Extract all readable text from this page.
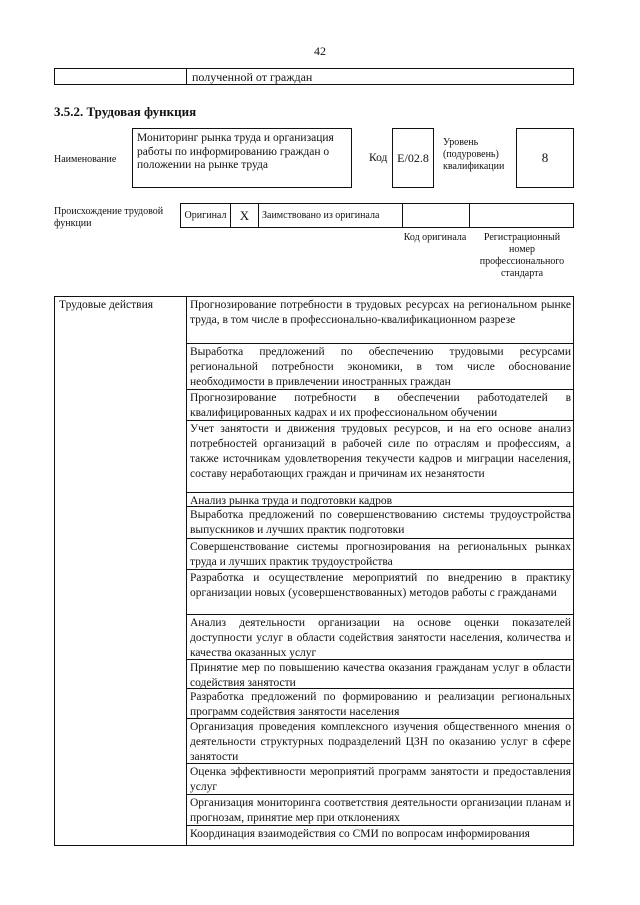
42
полученной от граждан
3.5.2. Трудовая функция
Наименование
Мониторинг рынка труда и организация работы по информированию граждан о положении на рынке труда
Код E/02.8
Уровень (подуровень) квалификации
8
Происхождение трудовой функции
Оригинал X Заимствовано из оригинала
Код оригинала	Регистрационный номер профессионального стандарта
Трудовые действия	Прогнозирование потребности в трудовых ресурсах на региональном рынке труда, в том числе в профессионально-квалификационном разрезе
Выработка предложений по обеспечению трудовыми ресурсами региональной потребности экономики, в том числе обоснование необходимости в привлечении иностранных граждан
Прогнозирование потребности в обеспечении работодателей в квалифицированных кадрах и их профессиональном обучении
Учет занятости и движения трудовых ресурсов, и на его основе анализ потребностей организаций в рабочей силе по отраслям и профессиям, а также источникам удовлетворения текучести кадров и миграции населения, составу неработающих граждан и причинам их незанятости
Анализ рынка труда и подготовки кадров
Выработка предложений по совершенствованию системы трудоустройства выпускников и лучших практик подготовки
Совершенствование системы прогнозирования на региональных рынках труда и лучших практик трудоустройства
Разработка и осуществление мероприятий по внедрению в практику организации новых (усовершенствованных) методов работы с гражданами
Анализ деятельности организации на основе оценки показателей доступности услуг в области содействия занятости населения, количества и качества оказанных услуг
Принятие мер по повышению качества оказания гражданам услуг в области содействия занятости
Разработка предложений по формированию и реализации региональных программ содействия занятости населения
Организация проведения комплексного изучения общественного мнения о деятельности структурных подразделений ЦЗН по оказанию услуг в сфере занятости
Оценка эффективности мероприятий программ занятости и предоставления услуг
Организация мониторинга соответствия деятельности организации планам и прогнозам, принятие мер при отклонениях
Координация взаимодействия со СМИ по вопросам информирования
